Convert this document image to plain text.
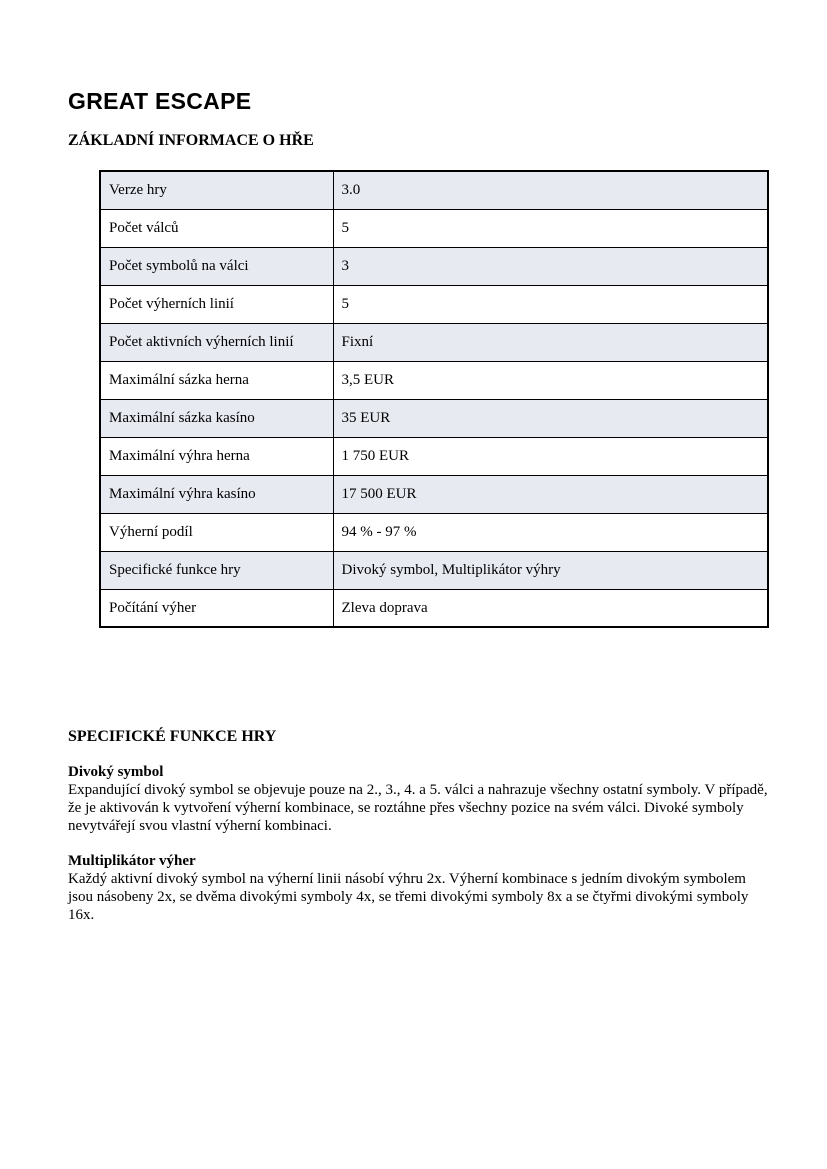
GREAT ESCAPE
ZÁKLADNÍ INFORMACE O HŘE
Verze hry	3.0
Počet válců	5
Počet symbolů na válci	3
Počet výherních linií	5
Počet aktivních výherních linií	Fixní
Maximální sázka herna	3,5 EUR
Maximální sázka kasíno	35 EUR
Maximální výhra herna	1 750 EUR
Maximální výhra kasíno	17 500 EUR
Výherní podíl	94 % - 97 %
Specifické funkce hry	Divoký symbol, Multiplikátor výhry
Počítání výher	Zleva doprava
SPECIFICKÉ FUNKCE HRY
Divoký symbol

Expandující divoký symbol se objevuje pouze na 2., 3., 4. a 5. válci a nahrazuje všechny ostatní symboly. V případě, že je aktivován k vytvoření výherní kombinace, se roztáhne přes všechny pozice na svém válci. Divoké symboly nevytvářejí svou vlastní výherní kombinaci.

Multiplikátor výher

Každý aktivní divoký symbol na výherní linii násobí výhru 2x. Výherní kombinace s jedním divokým symbolem jsou násobeny 2x, se dvěma divokými symboly 4x, se třemi divokými symboly 8x a se čtyřmi divokými symboly 16x.
